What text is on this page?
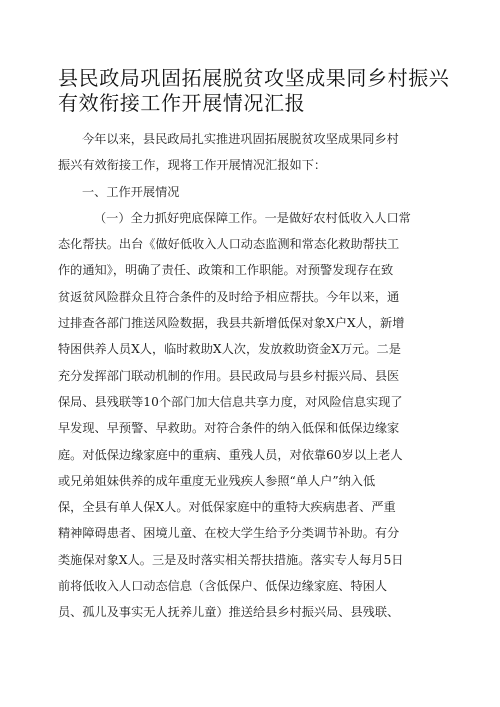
县民政局巩固拓展脱贫攻坚成果同乡村振兴
有效衔接工作开展情况汇报
今年以来，县民政局扎实推进巩固拓展脱贫攻坚成果同乡村
振兴有效衔接工作，现将工作开展情况汇报如下：
一、工作开展情况
（一）全力抓好兜底保障工作。一是做好农村低收入人口常
态化帮扶。出台《做好低收入人口动态监测和常态化救助帮扶工
作的通知》，明确了责任、政策和工作职能。对预警发现存在致
贫返贫风险群众且符合条件的及时给予相应帮扶。今年以来，通
过排查各部门推送风险数据，我县共新增低保对象X户X人，新增
特困供养人员X人，临时救助X人次，发放救助资金X万元。二是
充分发挥部门联动机制的作用。县民政局与县乡村振兴局、县医
保局、县残联等10个部门加大信息共享力度，对风险信息实现了
早发现、早预警、早救助。对符合条件的纳入低保和低保边缘家
庭。对低保边缘家庭中的重病、重残人员，对依靠60岁以上老人
或兄弟姐妹供养的成年重度无业残疾人参照“单人户”纳入低
保，全县有单人保X人。对低保家庭中的重特大疾病患者、严重
精神障碍患者、困境儿童、在校大学生给予分类调节补助。有分
类施保对象X人。三是及时落实相关帮扶措施。落实专人每月5日
前将低收入人口动态信息（含低保户、低保边缘家庭、特困人
员、孤儿及事实无人抚养儿童）推送给县乡村振兴局、县残联、
